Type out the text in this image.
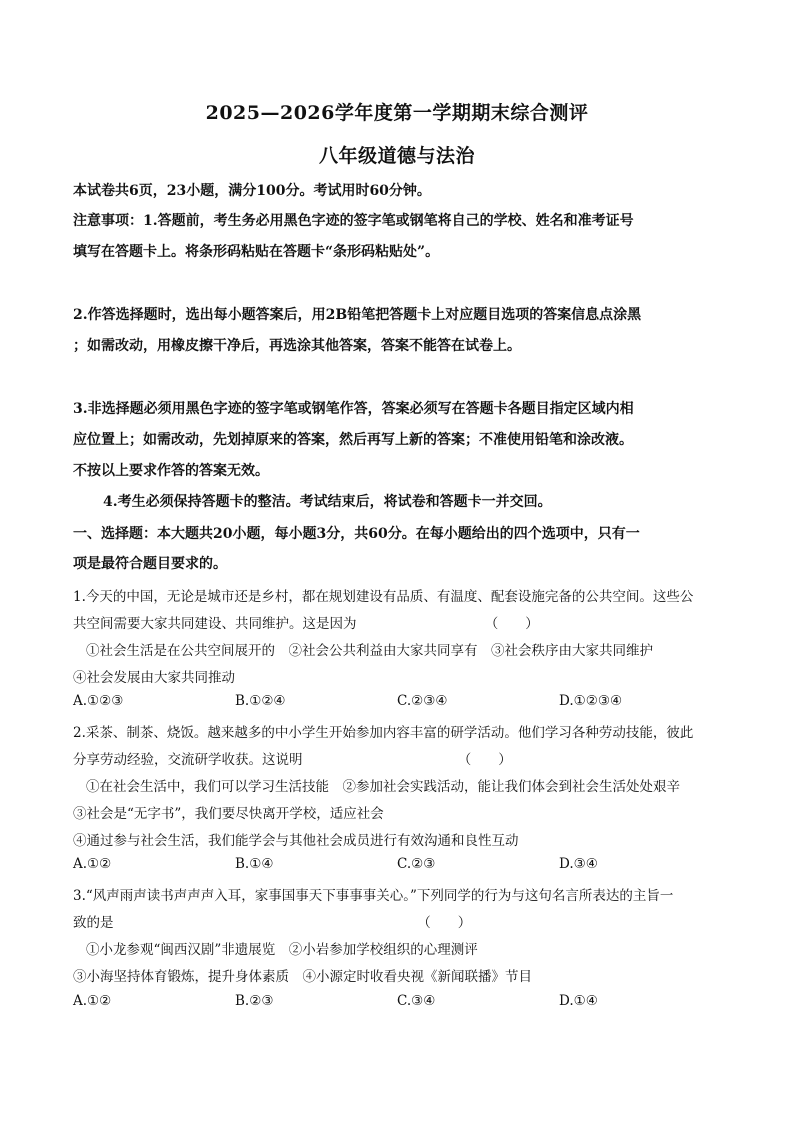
2025—2026学年度第一学期期末综合测评
八年级道德与法治
本试卷共6页，23小题，满分100分。考试用时60分钟。
注意事项：1.答题前，考生务必用黑色字迹的签字笔或钢笔将自己的学校、姓名和准考证号
填写在答题卡上。将条形码粘贴在答题卡“条形码粘贴处”。
2.作答选择题时，选出每小题答案后，用2B铅笔把答题卡上对应题目选项的答案信息点涂黑
；如需改动，用橡皮擦干净后，再选涂其他答案，答案不能答在试卷上。
3.非选择题必须用黑色字迹的签字笔或钢笔作答，答案必须写在答题卡各题目指定区域内相
应位置上；如需改动，先划掉原来的答案，然后再写上新的答案；不准使用铅笔和涂改液。
不按以上要求作答的答案无效。
4.考生必须保持答题卡的整洁。考试结束后，将试卷和答题卡一并交回。
一、选择题：本大题共20小题，每小题3分，共60分。在每小题给出的四个选项中，只有一
项是最符合题目要求的。
1.今天的中国，无论是城市还是乡村，都在规划建设有品质、有温度、配套设施完备的公共空间。这些公
共空间需要大家共同建设、共同维护。这是因为　　　　　　　　　　（　　）
①社会生活是在公共空间展开的　②社会公共利益由大家共同享有　③社会秩序由大家共同维护
④社会发展由大家共同推动
A.①②③	B.①②④	C.②③④	D.①②③④
2.采茶、制茶、烧饭。越来越多的中小学生开始参加内容丰富的研学活动。他们学习各种劳动技能，彼此
分享劳动经验，交流研学收获。这说明　　　　　　　　　　　　（　　）
①在社会生活中，我们可以学习生活技能　②参加社会实践活动，能让我们体会到社会生活处处艰辛
③社会是“无字书”，我们要尽快离开学校，适应社会
④通过参与社会生活，我们能学会与其他社会成员进行有效沟通和良性互动
A.①②	B.①④	C.②③	D.③④
3.“风声雨声读书声声声入耳，家事国事天下事事事关心。”下列同学的行为与这句名言所表达的主旨一
致的是　　　　　　　　　　　　　　　　　　　　　　　（　　）
①小龙参观“闽西汉剧”非遗展览　②小岩参加学校组织的心理测评
③小海坚持体育锻炼，提升身体素质　④小源定时收看央视《新闻联播》节目
A.①②	B.②③	C.③④	D.①④
